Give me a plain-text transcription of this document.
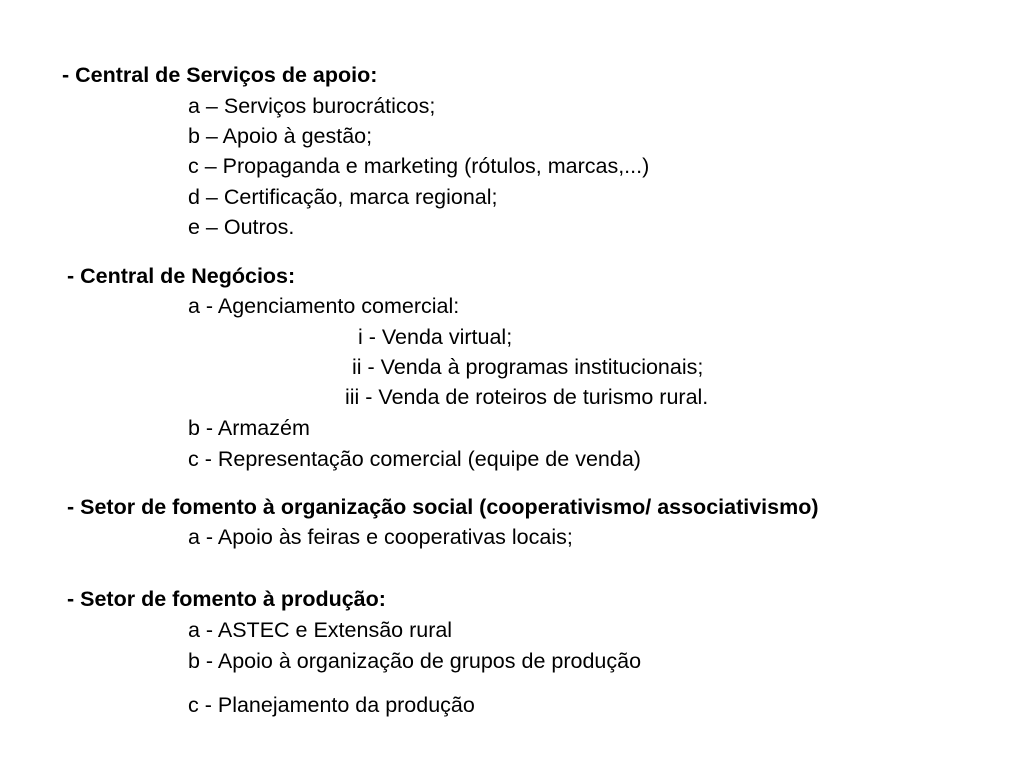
- Central de Serviços de apoio:
a – Serviços burocráticos;
b – Apoio à gestão;
c – Propaganda e marketing (rótulos, marcas,...)
d – Certificação, marca regional;
e – Outros.
- Central de Negócios:
a - Agenciamento comercial:
i - Venda virtual;
ii - Venda à programas institucionais;
iii - Venda de roteiros de turismo rural.
b - Armazém
c - Representação comercial (equipe de venda)
- Setor de fomento à organização social (cooperativismo/ associativismo)
a - Apoio às feiras e cooperativas locais;
- Setor de fomento à produção:
a - ASTEC e Extensão rural
b - Apoio à organização de grupos de produção
c - Planejamento da produção
